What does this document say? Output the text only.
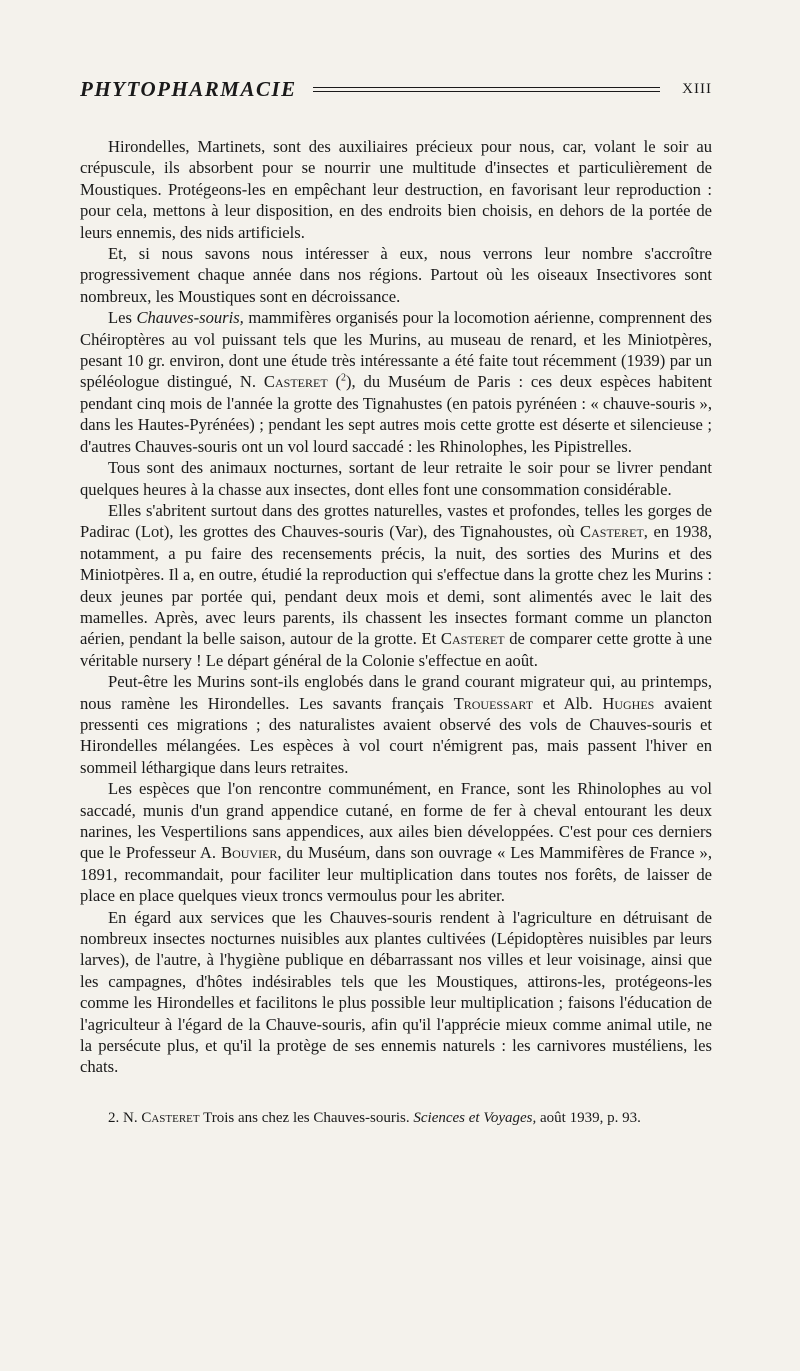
PHYTOPHARMACIE	XIII

Hirondelles, Martinets, sont des auxiliaires précieux pour nous, car, volant le soir au crépuscule, ils absorbent pour se nourrir une multitude d'insectes et particulièrement de Moustiques. Protégeons-les en empêchant leur destruction, en favorisant leur reproduction : pour cela, mettons à leur disposition, en des endroits bien choisis, en dehors de la portée de leurs ennemis, des nids artificiels.

Et, si nous savons nous intéresser à eux, nous verrons leur nombre s'accroître progressivement chaque année dans nos régions. Partout où les oiseaux Insectivores sont nombreux, les Moustiques sont en décroissance.

Les Chauves-souris, mammifères organisés pour la locomotion aérienne, comprennent des Chéiroptères au vol puissant tels que les Murins, au museau de renard, et les Miniotpères, pesant 10 gr. environ, dont une étude très intéressante a été faite tout récemment (1939) par un spéléologue distingué, N. Casteret ($^2$), du Muséum de Paris : ces deux espèces habitent pendant cinq mois de l'année la grotte des Tignahustes (en patois pyrénéen : « chauve-souris », dans les Hautes-Pyrénées) ; pendant les sept autres mois cette grotte est déserte et silencieuse ; d'autres Chauves-souris ont un vol lourd saccadé : les Rhinolophes, les Pipistrelles.

Tous sont des animaux nocturnes, sortant de leur retraite le soir pour se livrer pendant quelques heures à la chasse aux insectes, dont elles font une consommation considérable.

Elles s'abritent surtout dans des grottes naturelles, vastes et profondes, telles les gorges de Padirac (Lot), les grottes des Chauves-souris (Var), des Tignahoustes, où Casteret, en 1938, notamment, a pu faire des recensements précis, la nuit, des sorties des Murins et des Miniotpères. Il a, en outre, étudié la reproduction qui s'effectue dans la grotte chez les Murins : deux jeunes par portée qui, pendant deux mois et demi, sont alimentés avec le lait des mamelles. Après, avec leurs parents, ils chassent les insectes formant comme un plancton aérien, pendant la belle saison, autour de la grotte. Et Casteret de comparer cette grotte à une véritable nursery ! Le départ général de la Colonie s'effectue en août.

Peut-être les Murins sont-ils englobés dans le grand courant migrateur qui, au printemps, nous ramène les Hirondelles. Les savants français Trouessart et Alb. Hughes avaient pressenti ces migrations ; des naturalistes avaient observé des vols de Chauves-souris et Hirondelles mélangées. Les espèces à vol court n'émigrent pas, mais passent l'hiver en sommeil léthargique dans leurs retraites.

Les espèces que l'on rencontre communément, en France, sont les Rhinolophes au vol saccadé, munis d'un grand appendice cutané, en forme de fer à cheval entourant les deux narines, les Vespertilions sans appendices, aux ailes bien développées. C'est pour ces derniers que le Professeur A. Bouvier, du Muséum, dans son ouvrage « Les Mammifères de France », 1891, recommandait, pour faciliter leur multiplication dans toutes nos forêts, de laisser de place en place quelques vieux troncs vermoulus pour les abriter.

En égard aux services que les Chauves-souris rendent à l'agriculture en détruisant de nombreux insectes nocturnes nuisibles aux plantes cultivées (Lépidoptères nuisibles par leurs larves), de l'autre, à l'hygiène publique en débarrassant nos villes et leur voisinage, ainsi que les campagnes, d'hôtes indésirables tels que les Moustiques, attirons-les, protégeons-les comme les Hirondelles et facilitons le plus possible leur multiplication ; faisons l'éducation de l'agriculteur à l'égard de la Chauve-souris, afin qu'il l'apprécie mieux comme animal utile, ne la persécute plus, et qu'il la protège de ses ennemis naturels : les carnivores mustéliens, les chats.

2. N. Casteret Trois ans chez les Chauves-souris. Sciences et Voyages, août 1939, p. 93.
